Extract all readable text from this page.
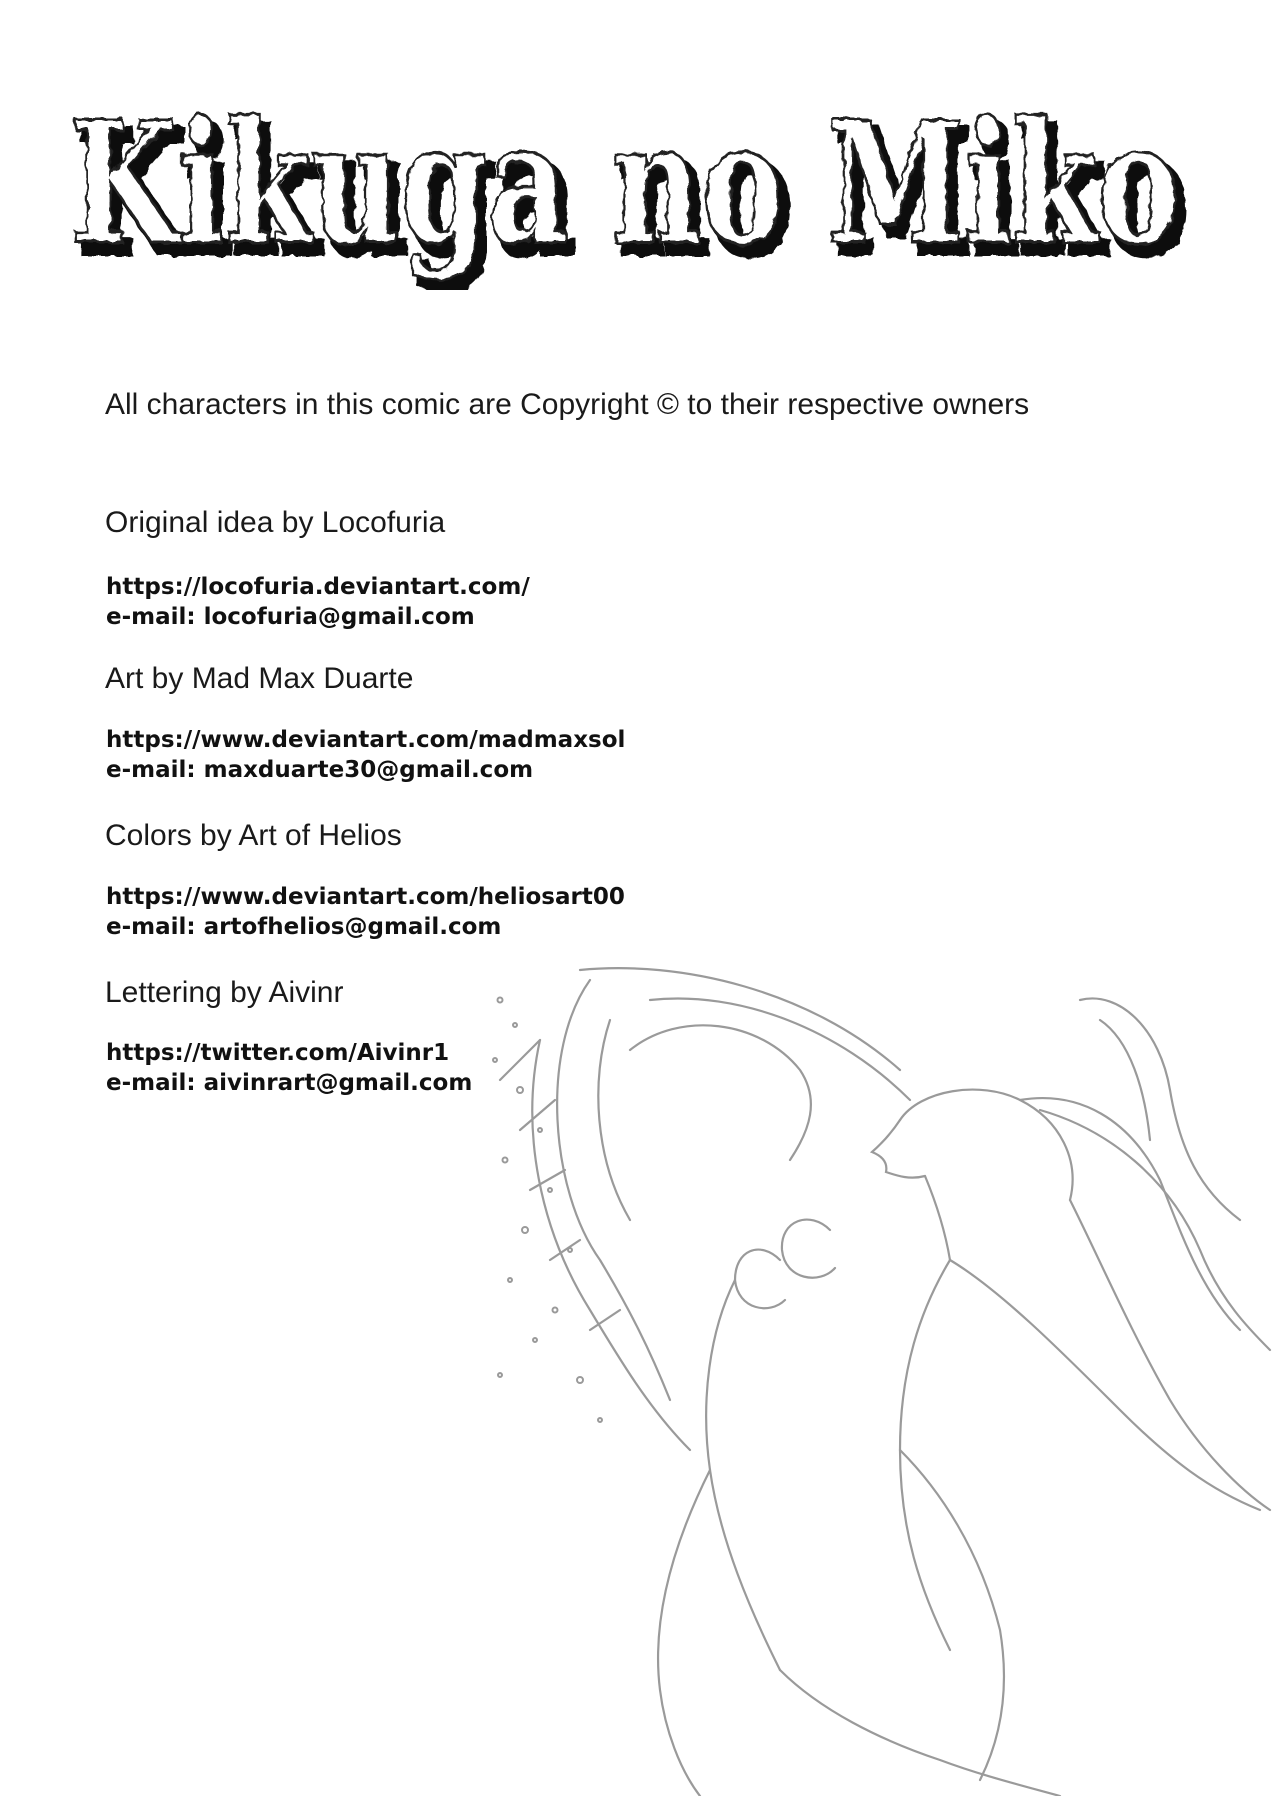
Kikuga no Miko
Kikuga no Miko
All characters in this comic are Copyright © to their respective owners
Original idea by Locofuria
https://locofuria.deviantart.com/
e-mail: locofuria@gmail.com
Art by Mad Max Duarte
https://www.deviantart.com/madmaxsol
e-mail: maxduarte30@gmail.com
Colors by Art of Helios
https://www.deviantart.com/heliosart00
e-mail: artofhelios@gmail.com
Lettering by Aivinr
https://twitter.com/Aivinr1
e-mail: aivinrart@gmail.com
